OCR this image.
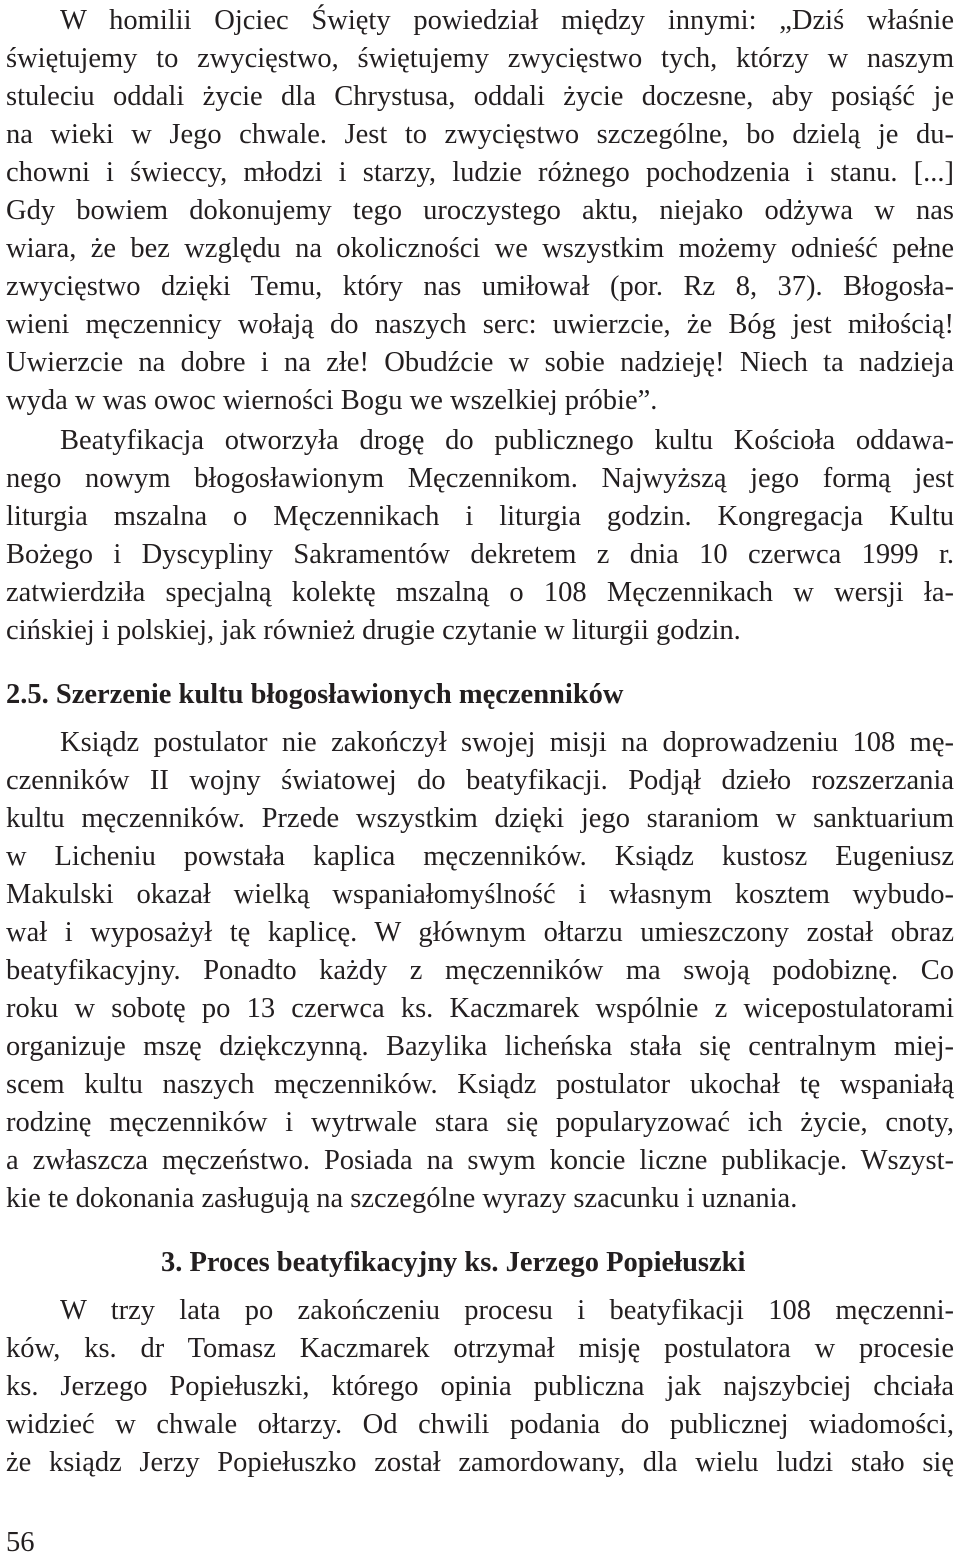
W homilii Ojciec Święty powiedział między innymi: „Dziś właśnie
świętujemy to zwycięstwo, świętujemy zwycięstwo tych, którzy w naszym
stuleciu oddali życie dla Chrystusa, oddali życie doczesne, aby posiąść je
na wieki w Jego chwale. Jest to zwycięstwo szczególne, bo dzielą je du-
chowni i świeccy, młodzi i starzy, ludzie różnego pochodzenia i stanu. [...]
Gdy bowiem dokonujemy tego uroczystego aktu, niejako odżywa w nas
wiara, że bez względu na okoliczności we wszystkim możemy odnieść pełne
zwycięstwo dzięki Temu, który nas umiłował (por. Rz 8, 37). Błogosła-
wieni męczennicy wołają do naszych serc: uwierzcie, że Bóg jest miłością!
Uwierzcie na dobre i na złe! Obudźcie w sobie nadzieję! Niech ta nadzieja
wyda w was owoc wierności Bogu we wszelkiej próbie”.
Beatyfikacja otworzyła drogę do publicznego kultu Kościoła oddawa-
nego nowym błogosławionym Męczennikom. Najwyższą jego formą jest
liturgia mszalna o Męczennikach i liturgia godzin. Kongregacja Kultu
Bożego i Dyscypliny Sakramentów dekretem z dnia 10 czerwca 1999 r.
zatwierdziła specjalną kolektę mszalną o 108 Męczennikach w wersji ła-
cińskiej i polskiej, jak również drugie czytanie w liturgii godzin.
2.5. Szerzenie kultu błogosławionych męczenników
Ksiądz postulator nie zakończył swojej misji na doprowadzeniu 108 mę-
czenników II wojny światowej do beatyfikacji. Podjął dzieło rozszerzania
kultu męczenników. Przede wszystkim dzięki jego staraniom w sanktuarium
w Licheniu powstała kaplica męczenników. Ksiądz kustosz Eugeniusz
Makulski okazał wielką wspaniałomyślność i własnym kosztem wybudo-
wał i wyposażył tę kaplicę. W głównym ołtarzu umieszczony został obraz
beatyfikacyjny. Ponadto każdy z męczenników ma swoją podobiznę. Co
roku w sobotę po 13 czerwca ks. Kaczmarek wspólnie z wicepostulatorami
organizuje mszę dziękczynną. Bazylika licheńska stała się centralnym miej-
scem kultu naszych męczenników. Ksiądz postulator ukochał tę wspaniałą
rodzinę męczenników i wytrwale stara się popularyzować ich życie, cnoty,
a zwłaszcza męczeństwo. Posiada na swym koncie liczne publikacje. Wszyst-
kie te dokonania zasługują na szczególne wyrazy szacunku i uznania.
3. Proces beatyfikacyjny ks. Jerzego Popiełuszki
W trzy lata po zakończeniu procesu i beatyfikacji 108 męczenni-
ków, ks. dr Tomasz Kaczmarek otrzymał misję postulatora w procesie
ks. Jerzego Popiełuszki, którego opinia publiczna jak najszybciej chciała
widzieć w chwale ołtarzy. Od chwili podania do publicznej wiadomości,
że ksiądz Jerzy Popiełuszko został zamordowany, dla wielu ludzi stało się
56
